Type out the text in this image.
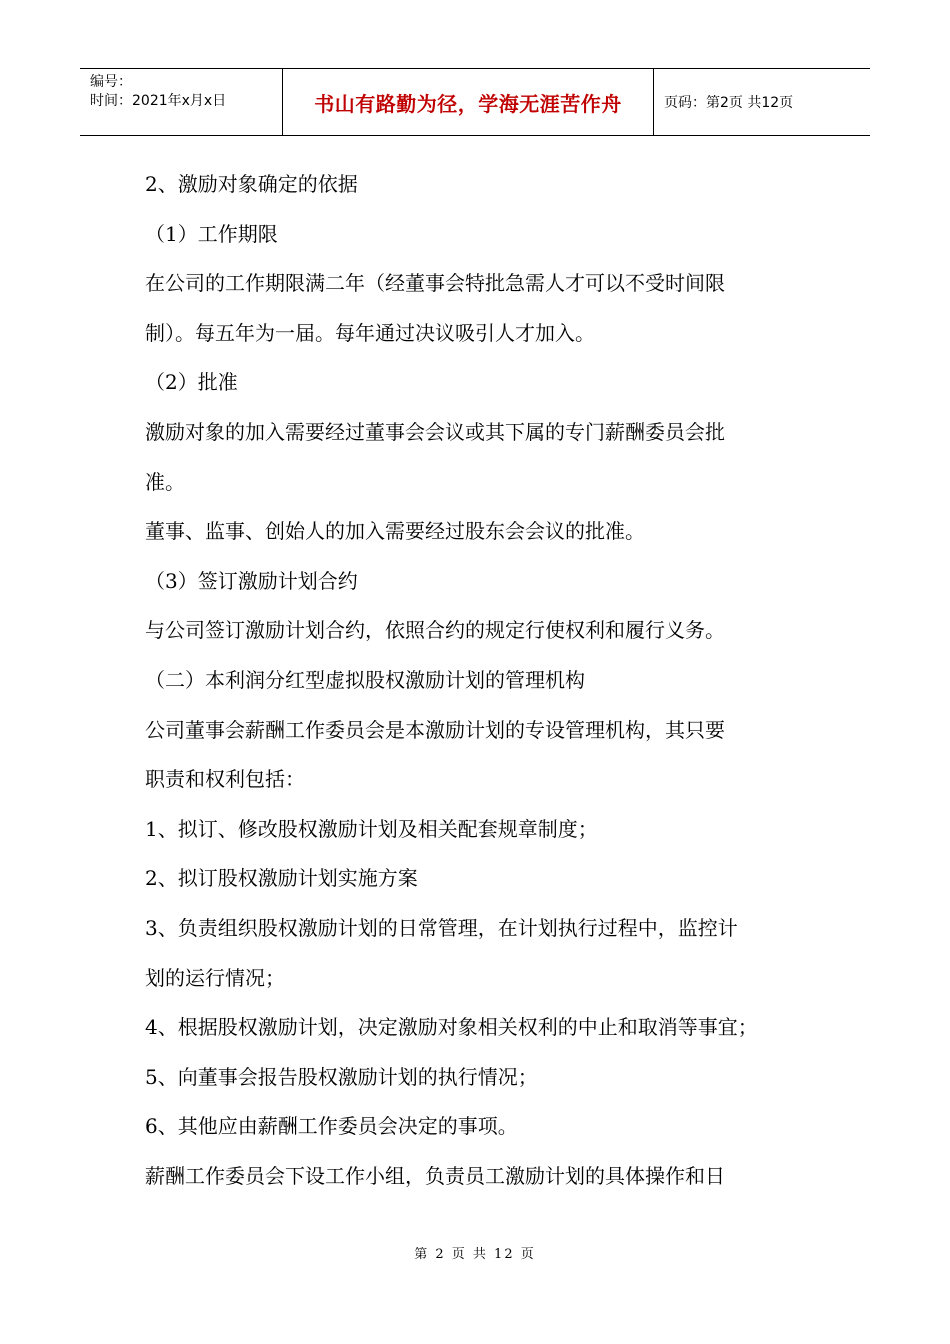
编号：
时间：2021年x月x日	书山有路勤为径，学海无涯苦作舟	页码：第2页 共12页
2、激励对象确定的依据
（1）工作期限
在公司的工作期限满二年（经董事会特批急需人才可以不受时间限
制）。每五年为一届。每年通过决议吸引人才加入。
（2）批准
激励对象的加入需要经过董事会会议或其下属的专门薪酬委员会批
准。
董事、监事、创始人的加入需要经过股东会会议的批准。
（3）签订激励计划合约
与公司签订激励计划合约，依照合约的规定行使权利和履行义务。
（二）本利润分红型虚拟股权激励计划的管理机构
公司董事会薪酬工作委员会是本激励计划的专设管理机构，其只要
职责和权利包括：
1、拟订、修改股权激励计划及相关配套规章制度；
2、拟订股权激励计划实施方案
3、负责组织股权激励计划的日常管理，在计划执行过程中，监控计
划的运行情况；
4、根据股权激励计划，决定激励对象相关权利的中止和取消等事宜；
5、向董事会报告股权激励计划的执行情况；
6、其他应由薪酬工作委员会决定的事项。
薪酬工作委员会下设工作小组，负责员工激励计划的具体操作和日
第 2 页 共 12 页
